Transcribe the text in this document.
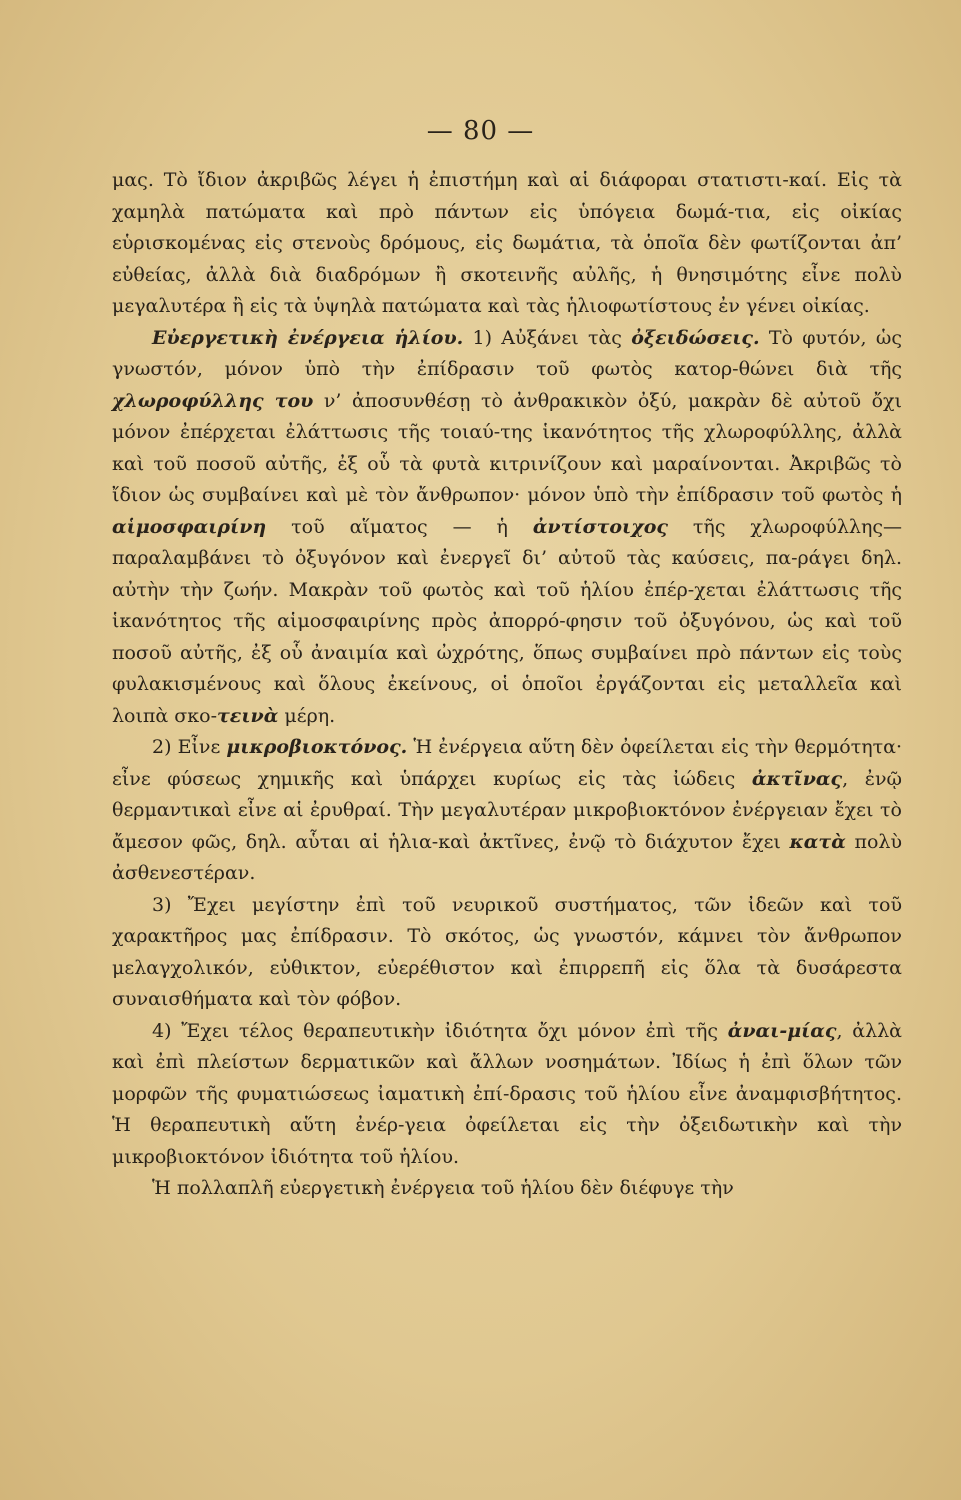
— 80 —

μας. Τὸ ἴδιον ἀκριβῶς λέγει ἡ ἐπιστήμη καὶ αἱ διάφοραι στατιστι-καί. Εἰς τὰ χαμηλὰ πατώματα καὶ πρὸ πάντων εἰς ὑπόγεια δωμά-τια, εἰς οἰκίας εὑρισκομένας εἰς στενοὺς δρόμους, εἰς δωμάτια, τὰ ὁποῖα δὲν φωτίζονται ἀπ’ εὐθείας, ἀλλὰ διὰ διαδρόμων ἢ σκοτεινῆς αὐλῆς, ἡ θνησιμότης εἶνε πολὺ μεγαλυτέρα ἢ εἰς τὰ ὑψηλὰ πατώματα καὶ τὰς ἡλιοφωτίστους ἐν γένει οἰκίας.

Εὐεργετικὴ ἐνέργεια ἡλίου. 1) Αὐξάνει τὰς ὀξειδώσεις. Τὸ φυτόν, ὡς γνωστόν, μόνον ὑπὸ τὴν ἐπίδρασιν τοῦ φωτὸς κατορ-θώνει διὰ τῆς χλωροφύλλης του ν’ ἀποσυνθέσῃ τὸ ἀνθρακικὸν ὀξύ, μακρὰν δὲ αὐτοῦ ὄχι μόνον ἐπέρχεται ἐλάττωσις τῆς τοιαύ-της ἱκανότητος τῆς χλωροφύλλης, ἀλλὰ καὶ τοῦ ποσοῦ αὐτῆς, ἐξ οὗ τὰ φυτὰ κιτρινίζουν καὶ μαραίνονται. Ἀκριβῶς τὸ ἴδιον ὡς συμβαίνει καὶ μὲ τὸν ἄνθρωπον· μόνον ὑπὸ τὴν ἐπίδρασιν τοῦ φωτὸς ἡ αἱμοσφαιρίνη τοῦ αἵματος — ἡ ἀντίστοιχος τῆς χλωροφύλλης— παραλαμβάνει τὸ ὀξυγόνον καὶ ἐνεργεῖ δι’ αὐτοῦ τὰς καύσεις, πα-ράγει δηλ. αὐτὴν τὴν ζωήν. Μακρὰν τοῦ φωτὸς καὶ τοῦ ἡλίου ἐπέρ-χεται ἐλάττωσις τῆς ἱκανότητος τῆς αἱμοσφαιρίνης πρὸς ἀπορρό-φησιν τοῦ ὀξυγόνου, ὡς καὶ τοῦ ποσοῦ αὐτῆς, ἐξ οὗ ἀναιμία καὶ ὠχρότης, ὅπως συμβαίνει πρὸ πάντων εἰς τοὺς φυλακισμένους καὶ ὅλους ἐκείνους, οἱ ὁποῖοι ἐργάζονται εἰς μεταλλεῖα καὶ λοιπὰ σκο-τεινὰ μέρη.

2) Εἶνε μικροβιοκτόνος. Ἡ ἐνέργεια αὕτη δὲν ὀφείλεται εἰς τὴν θερμότητα· εἶνε φύσεως χημικῆς καὶ ὑπάρχει κυρίως εἰς τὰς ἰώδεις ἀκτῖνας, ἐνῷ θερμαντικαὶ εἶνε αἱ ἐρυθραί. Τὴν μεγαλυτέραν μικροβιοκτόνον ἐνέργειαν ἔχει τὸ ἄμεσον φῶς, δηλ. αὗται αἱ ἡλια-καὶ ἀκτῖνες, ἐνῷ τὸ διάχυτον ἔχει κατὰ πολὺ ἀσθενεστέραν.

3) Ἔχει μεγίστην ἐπὶ τοῦ νευρικοῦ συστήματος, τῶν ἰδεῶν καὶ τοῦ χαρακτῆρος μας ἐπίδρασιν. Τὸ σκότος, ὡς γνωστόν, κάμνει τὸν ἄνθρωπον μελαγχολικόν, εὐθικτον, εὐερέθιστον καὶ ἐπιρρεπῆ εἰς ὅλα τὰ δυσάρεστα συναισθήματα καὶ τὸν φόβον.

4) Ἔχει τέλος θεραπευτικὴν ἰδιότητα ὄχι μόνον ἐπὶ τῆς ἀναι-μίας, ἀλλὰ καὶ ἐπὶ πλείστων δερματικῶν καὶ ἄλλων νοσημάτων. Ἰδίως ἡ ἐπὶ ὅλων τῶν μορφῶν τῆς φυματιώσεως ἰαματικὴ ἐπί-δρασις τοῦ ἡλίου εἶνε ἀναμφισβήτητος. Ἡ θεραπευτικὴ αὕτη ἐνέρ-γεια ὀφείλεται εἰς τὴν ὀξειδωτικὴν καὶ τὴν μικροβιοκτόνον ἰδιότητα τοῦ ἡλίου.

Ἡ πολλαπλῆ εὐεργετικὴ ἐνέργεια τοῦ ἡλίου δὲν διέφυγε τὴν
